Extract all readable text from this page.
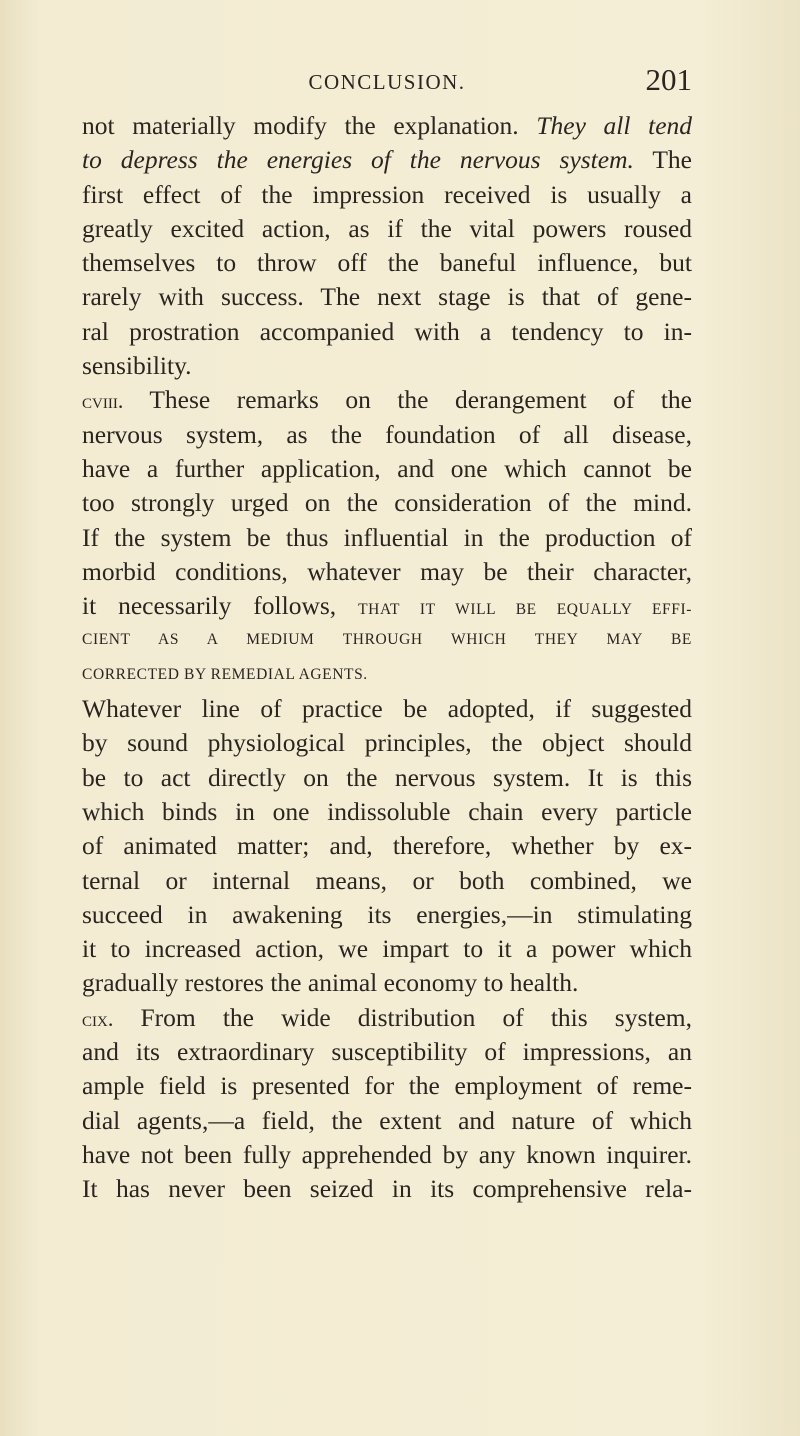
CONCLUSION.	201
not materially modify the explanation. They all tend
to depress the energies of the nervous system. The
first effect of the impression received is usually a
greatly excited action, as if the vital powers roused
themselves to throw off the baneful influence, but
rarely with success. The next stage is that of gene-
ral prostration accompanied with a tendency to in-
sensibility.
cviii. These remarks on the derangement of the
nervous system, as the foundation of all disease,
have a further application, and one which cannot be
too strongly urged on the consideration of the mind.
If the system be thus influential in the production of
morbid conditions, whatever may be their character,
it necessarily follows, THAT IT WILL BE EQUALLY EFFI-
CIENT AS A MEDIUM THROUGH WHICH THEY MAY BE
CORRECTED BY REMEDIAL AGENTS.
Whatever line of practice be adopted, if suggested
by sound physiological principles, the object should
be to act directly on the nervous system. It is this
which binds in one indissoluble chain every particle
of animated matter; and, therefore, whether by ex-
ternal or internal means, or both combined, we
succeed in awakening its energies,—in stimulating
it to increased action, we impart to it a power which
gradually restores the animal economy to health.
cix. From the wide distribution of this system,
and its extraordinary susceptibility of impressions, an
ample field is presented for the employment of reme-
dial agents,—a field, the extent and nature of which
have not been fully apprehended by any known inquirer.
It has never been seized in its comprehensive rela-
